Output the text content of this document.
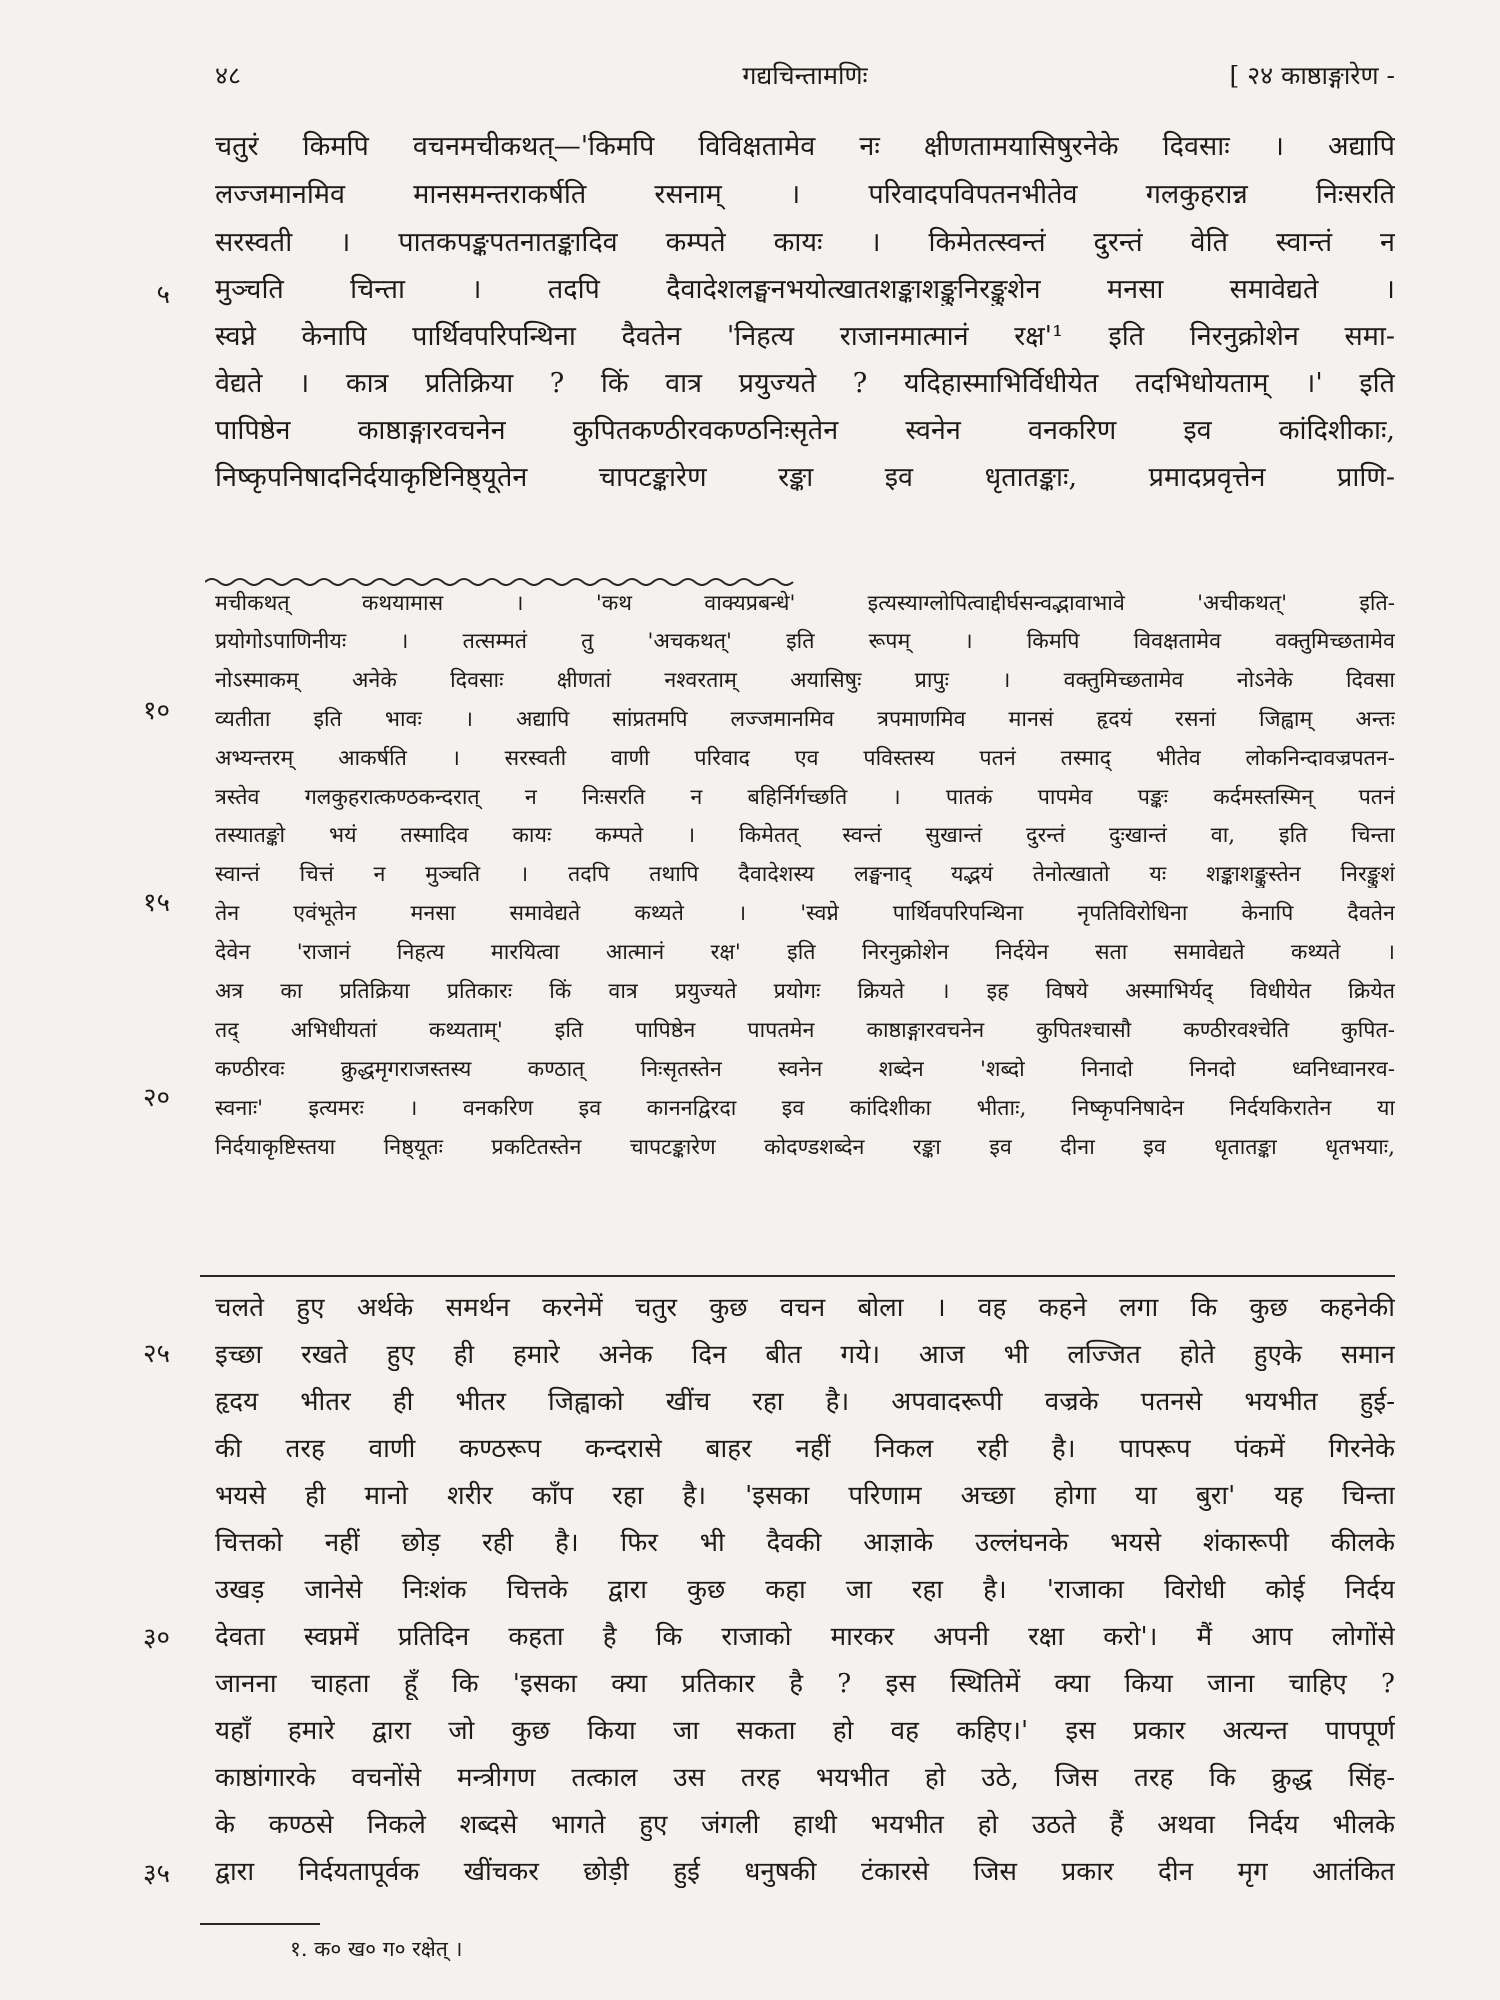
४८	गद्यचिन्तामणिः	[ २४ काष्ठाङ्गारेण -
५
१०
१५
२०
२५
३०
३५
चतुरं किमपि वचनमचीकथत्—'किमपि विविक्षतामेव नः क्षीणतामयासिषुरनेके दिवसाः । अद्यापि
लज्जमानमिव मानसमन्तराकर्षति रसनाम् । परिवादपविपतनभीतेव गलकुहरान्न निःसरति
सरस्वती । पातकपङ्कपतनातङ्कादिव कम्पते कायः । किमेतत्स्वन्तं दुरन्तं वेति स्वान्तं न
मुञ्चति चिन्ता । तदपि दैवादेशलङ्घनभयोत्खातशङ्काशङ्कुनिरङ्कुशेन मनसा समावेद्यते ।
स्वप्ने केनापि पार्थिवपरिपन्थिना दैवतेन 'निहत्य राजानमात्मानं रक्ष'¹ इति निरनुक्रोशेन समा-
वेद्यते । कात्र प्रतिक्रिया ? किं वात्र प्रयुज्यते ? यदिहास्माभिर्विधीयेत तदभिधोयताम् ।' इति
पापिष्ठेन काष्ठाङ्गारवचनेन कुपितकण्ठीरवकण्ठनिःसृतेन स्वनेन वनकरिण इव कांदिशीकाः,
निष्कृपनिषादनिर्दयाकृष्टिनिष्ठ्यूतेन चापटङ्कारेण रङ्का इव धृतातङ्काः, प्रमादप्रवृत्तेन प्राणि-
मचीकथत् कथयामास । 'कथ वाक्यप्रबन्धे' इत्यस्याग्लोपित्वाद्दीर्घसन्वद्भावाभावे 'अचीकथत्' इति-
प्रयोगोऽपाणिनीयः । तत्सम्मतं तु 'अचकथत्' इति रूपम् । किमपि विवक्षतामेव वक्तुमिच्छतामेव
नोऽस्माकम् अनेके दिवसाः क्षीणतां नश्वरताम् अयासिषुः प्रापुः । वक्तुमिच्छतामेव नोऽनेके दिवसा
व्यतीता इति भावः । अद्यापि सांप्रतमपि लज्जमानमिव त्रपमाणमिव मानसं हृदयं रसनां जिह्वाम् अन्तः
अभ्यन्तरम् आकर्षति । सरस्वती वाणी परिवाद एव पविस्तस्य पतनं तस्माद् भीतेव लोकनिन्दावज्रपतन-
त्रस्तेव गलकुहरात्कण्ठकन्दरात् न निःसरति न बहिर्निर्गच्छति । पातकं पापमेव पङ्कः कर्दमस्तस्मिन् पतनं
तस्यातङ्को भयं तस्मादिव कायः कम्पते । किमेतत् स्वन्तं सुखान्तं दुरन्तं दुःखान्तं वा, इति चिन्ता
स्वान्तं चित्तं न मुञ्चति । तदपि तथापि दैवादेशस्य लङ्घनाद् यद्भयं तेनोत्खातो यः शङ्काशङ्कुस्तेन निरङ्कुशं
तेन एवंभूतेन मनसा समावेद्यते कथ्यते । 'स्वप्ने पार्थिवपरिपन्थिना नृपतिविरोधिना केनापि दैवतेन
देवेन 'राजानं निहत्य मारयित्वा आत्मानं रक्ष' इति निरनुक्रोशेन निर्दयेन सता समावेद्यते कथ्यते ।
अत्र का प्रतिक्रिया प्रतिकारः किं वात्र प्रयुज्यते प्रयोगः क्रियते । इह विषये अस्माभिर्यद् विधीयेत क्रियेत
तद् अभिधीयतां कथ्यताम्' इति पापिष्ठेन पापतमेन काष्ठाङ्गारवचनेन कुपितश्चासौ कण्ठीरवश्चेति कुपित-
कण्ठीरवः क्रुद्धमृगराजस्तस्य कण्ठात् निःसृतस्तेन स्वनेन शब्देन 'शब्दो निनादो निनदो ध्वनिध्वानरव-
स्वनाः' इत्यमरः । वनकरिण इव काननद्विरदा इव कांदिशीका भीताः, निष्कृपनिषादेन निर्दयकिरातेन या
निर्दयाकृष्टिस्तया निष्ठ्यूतः प्रकटितस्तेन चापटङ्कारेण कोदण्डशब्देन रङ्का इव दीना इव धृतातङ्का धृतभयाः,
चलते हुए अर्थके समर्थन करनेमें चतुर कुछ वचन बोला । वह कहने लगा कि कुछ कहनेकी
इच्छा रखते हुए ही हमारे अनेक दिन बीत गये। आज भी लज्जित होते हुएके समान
हृदय भीतर ही भीतर जिह्वाको खींच रहा है। अपवादरूपी वज्रके पतनसे भयभीत हुई-
की तरह वाणी कण्ठरूप कन्दरासे बाहर नहीं निकल रही है। पापरूप पंकमें गिरनेके
भयसे ही मानो शरीर काँप रहा है। 'इसका परिणाम अच्छा होगा या बुरा' यह चिन्ता
चित्तको नहीं छोड़ रही है। फिर भी दैवकी आज्ञाके उल्लंघनके भयसे शंकारूपी कीलके
उखड़ जानेसे निःशंक चित्तके द्वारा कुछ कहा जा रहा है। 'राजाका विरोधी कोई निर्दय
देवता स्वप्नमें प्रतिदिन कहता है कि राजाको मारकर अपनी रक्षा करो'। मैं आप लोगोंसे
जानना चाहता हूँ कि 'इसका क्या प्रतिकार है ? इस स्थितिमें क्या किया जाना चाहिए ?
यहाँ हमारे द्वारा जो कुछ किया जा सकता हो वह कहिए।' इस प्रकार अत्यन्त पापपूर्ण
काष्ठांगारके वचनोंसे मन्त्रीगण तत्काल उस तरह भयभीत हो उठे, जिस तरह कि क्रुद्ध सिंह-
के कण्ठसे निकले शब्दसे भागते हुए जंगली हाथी भयभीत हो उठते हैं अथवा निर्दय भीलके
द्वारा निर्दयतापूर्वक खींचकर छोड़ी हुई धनुषकी टंकारसे जिस प्रकार दीन मृग आतंकित
१. क० ख० ग० रक्षेत् ।
